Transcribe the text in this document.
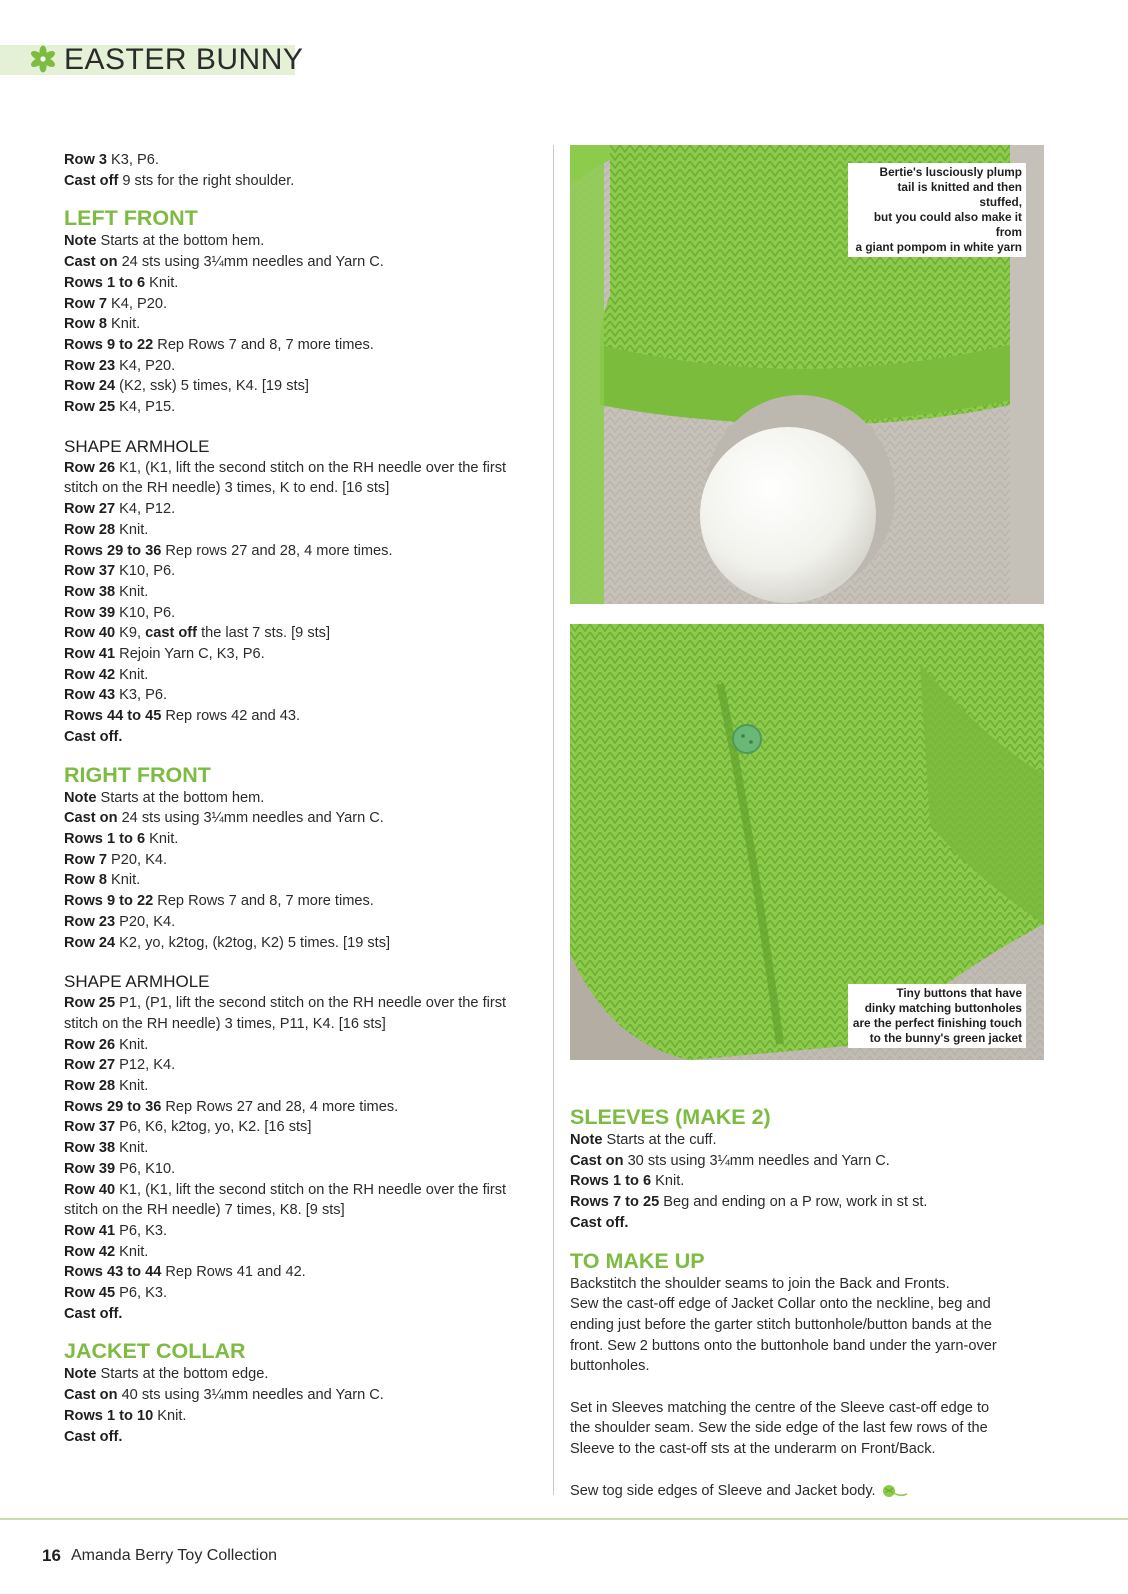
EASTER BUNNY
Row 3 K3, P6.
Cast off 9 sts for the right shoulder.
LEFT FRONT
Note Starts at the bottom hem.
Cast on 24 sts using 3¼mm needles and Yarn C.
Rows 1 to 6 Knit.
Row 7 K4, P20.
Row 8 Knit.
Rows 9 to 22 Rep Rows 7 and 8, 7 more times.
Row 23 K4, P20.
Row 24 (K2, ssk) 5 times, K4. [19 sts]
Row 25 K4, P15.
SHAPE ARMHOLE
Row 26 K1, (K1, lift the second stitch on the RH needle over the first
stitch on the RH needle) 3 times, K to end. [16 sts]
Row 27 K4, P12.
Row 28 Knit.
Rows 29 to 36 Rep rows 27 and 28, 4 more times.
Row 37 K10, P6.
Row 38 Knit.
Row 39 K10, P6.
Row 40 K9, cast off the last 7 sts. [9 sts]
Row 41 Rejoin Yarn C, K3, P6.
Row 42 Knit.
Row 43 K3, P6.
Rows 44 to 45 Rep rows 42 and 43.
Cast off.
RIGHT FRONT
Note Starts at the bottom hem.
Cast on 24 sts using 3¼mm needles and Yarn C.
Rows 1 to 6 Knit.
Row 7 P20, K4.
Row 8 Knit.
Rows 9 to 22 Rep Rows 7 and 8, 7 more times.
Row 23 P20, K4.
Row 24 K2, yo, k2tog, (k2tog, K2) 5 times. [19 sts]
SHAPE ARMHOLE
Row 25 P1, (P1, lift the second stitch on the RH needle over the first
stitch on the RH needle) 3 times, P11, K4. [16 sts]
Row 26 Knit.
Row 27 P12, K4.
Row 28 Knit.
Rows 29 to 36 Rep Rows 27 and 28, 4 more times.
Row 37 P6, K6, k2tog, yo, K2. [16 sts]
Row 38 Knit.
Row 39 P6, K10.
Row 40 K1, (K1, lift the second stitch on the RH needle over the first
stitch on the RH needle) 7 times, K8. [9 sts]
Row 41 P6, K3.
Row 42 Knit.
Rows 43 to 44 Rep Rows 41 and 42.
Row 45 P6, K3.
Cast off.
JACKET COLLAR
Note Starts at the bottom edge.
Cast on 40 sts using 3¼mm needles and Yarn C.
Rows 1 to 10 Knit.
Cast off.
Bertie's lusciously plump
tail is knitted and then stuffed,
but you could also make it from
a giant pompom in white yarn
Tiny buttons that have
dinky matching buttonholes
are the perfect finishing touch
to the bunny's green jacket
SLEEVES (MAKE 2)
Note Starts at the cuff.
Cast on 30 sts using 3¼mm needles and Yarn C.
Rows 1 to 6 Knit.
Rows 7 to 25 Beg and ending on a P row, work in st st.
Cast off.
TO MAKE UP
Backstitch the shoulder seams to join the Back and Fronts.
Sew the cast-off edge of Jacket Collar onto the neckline, beg and
ending just before the garter stitch buttonhole/button bands at the
front. Sew 2 buttons onto the buttonhole band under the yarn-over
buttonholes.
Set in Sleeves matching the centre of the Sleeve cast-off edge to
the shoulder seam. Sew the side edge of the last few rows of the
Sleeve to the cast-off sts at the underarm on Front/Back.
Sew tog side edges of Sleeve and Jacket body.
16 Amanda Berry Toy Collection
